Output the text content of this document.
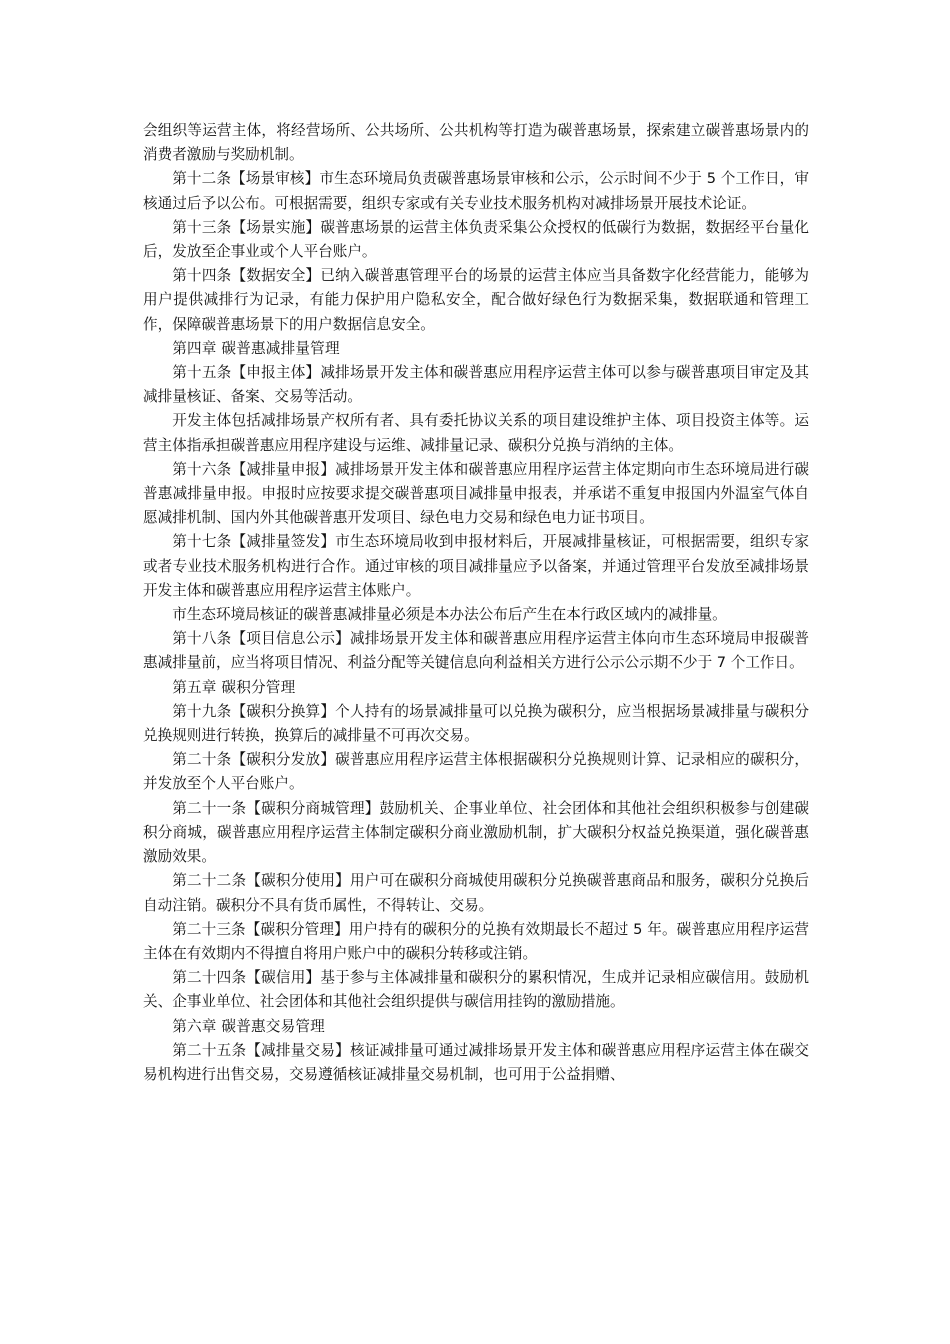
会组织等运营主体，将经营场所、公共场所、公共机构等打造为碳普惠场景，探索建立碳普惠场景内的消费者激励与奖励机制。

第十二条【场景审核】市生态环境局负责碳普惠场景审核和公示，公示时间不少于 5 个工作日，审核通过后予以公布。可根据需要，组织专家或有关专业技术服务机构对减排场景开展技术论证。

第十三条【场景实施】碳普惠场景的运营主体负责采集公众授权的低碳行为数据，数据经平台量化后，发放至企事业或个人平台账户。

第十四条【数据安全】已纳入碳普惠管理平台的场景的运营主体应当具备数字化经营能力，能够为用户提供减排行为记录，有能力保护用户隐私安全，配合做好绿色行为数据采集，数据联通和管理工作，保障碳普惠场景下的用户数据信息安全。

第四章 碳普惠减排量管理

第十五条【申报主体】减排场景开发主体和碳普惠应用程序运营主体可以参与碳普惠项目审定及其减排量核证、备案、交易等活动。

开发主体包括减排场景产权所有者、具有委托协议关系的项目建设维护主体、项目投资主体等。运营主体指承担碳普惠应用程序建设与运维、减排量记录、碳积分兑换与消纳的主体。

第十六条【减排量申报】减排场景开发主体和碳普惠应用程序运营主体定期向市生态环境局进行碳普惠减排量申报。申报时应按要求提交碳普惠项目减排量申报表，并承诺不重复申报国内外温室气体自愿减排机制、国内外其他碳普惠开发项目、绿色电力交易和绿色电力证书项目。

第十七条【减排量签发】市生态环境局收到申报材料后，开展减排量核证，可根据需要，组织专家或者专业技术服务机构进行合作。通过审核的项目减排量应予以备案，并通过管理平台发放至减排场景开发主体和碳普惠应用程序运营主体账户。

市生态环境局核证的碳普惠减排量必须是本办法公布后产生在本行政区域内的减排量。

第十八条【项目信息公示】减排场景开发主体和碳普惠应用程序运营主体向市生态环境局申报碳普惠减排量前，应当将项目情况、利益分配等关键信息向利益相关方进行公示公示期不少于 7 个工作日。

第五章 碳积分管理

第十九条【碳积分换算】个人持有的场景减排量可以兑换为碳积分，应当根据场景减排量与碳积分兑换规则进行转换，换算后的减排量不可再次交易。

第二十条【碳积分发放】碳普惠应用程序运营主体根据碳积分兑换规则计算、记录相应的碳积分，并发放至个人平台账户。

第二十一条【碳积分商城管理】鼓励机关、企事业单位、社会团体和其他社会组织积极参与创建碳积分商城，碳普惠应用程序运营主体制定碳积分商业激励机制，扩大碳积分权益兑换渠道，强化碳普惠激励效果。

第二十二条【碳积分使用】用户可在碳积分商城使用碳积分兑换碳普惠商品和服务，碳积分兑换后自动注销。碳积分不具有货币属性，不得转让、交易。

第二十三条【碳积分管理】用户持有的碳积分的兑换有效期最长不超过 5 年。碳普惠应用程序运营主体在有效期内不得擅自将用户账户中的碳积分转移或注销。

第二十四条【碳信用】基于参与主体减排量和碳积分的累积情况，生成并记录相应碳信用。鼓励机关、企事业单位、社会团体和其他社会组织提供与碳信用挂钩的激励措施。

第六章 碳普惠交易管理

第二十五条【减排量交易】核证减排量可通过减排场景开发主体和碳普惠应用程序运营主体在碳交易机构进行出售交易，交易遵循核证减排量交易机制，也可用于公益捐赠、
